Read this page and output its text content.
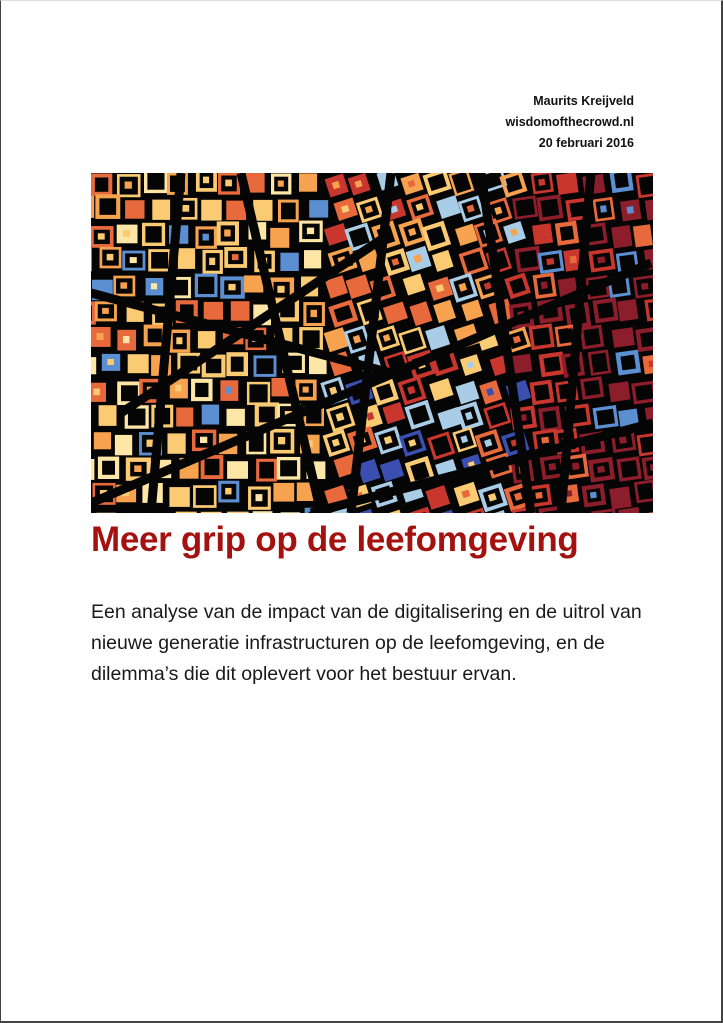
Maurits Kreijveld
wisdomofthecrowd.nl
20 februari 2016
Meer grip op de leefomgeving

Een analyse van de impact van de digitalisering en de uitrol van nieuwe generatie infrastructuren op de leefomgeving, en de dilemma’s die dit oplevert voor het bestuur ervan.
